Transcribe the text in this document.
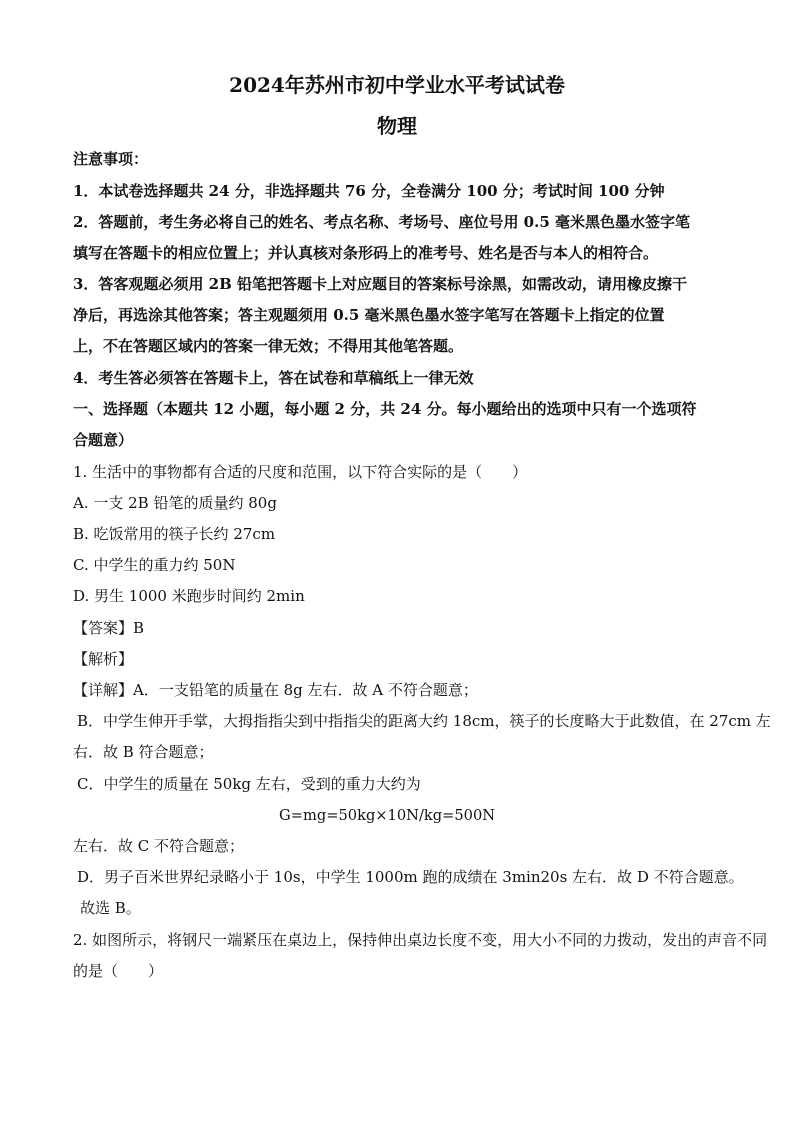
2024年苏州市初中学业水平考试试卷
物理
注意事项：
1．本试卷选择题共 24 分，非选择题共 76 分，全卷满分 100 分；考试时间 100 分钟
2．答题前，考生务必将自己的姓名、考点名称、考场号、座位号用 0.5 毫米黑色墨水签字笔
填写在答题卡的相应位置上；并认真核对条形码上的准考号、姓名是否与本人的相符合。
3．答客观题必须用 2B 铅笔把答题卡上对应题目的答案标号涂黑，如需改动，请用橡皮擦干
净后，再选涂其他答案；答主观题须用 0.5 毫米黑色墨水签字笔写在答题卡上指定的位置
上，不在答题区域内的答案一律无效；不得用其他笔答题。
4．考生答必须答在答题卡上，答在试卷和草稿纸上一律无效
一、选择题（本题共 12 小题，每小题 2 分，共 24 分。每小题给出的选项中只有一个选项符
合题意）
1. 生活中的事物都有合适的尺度和范围，以下符合实际的是（　　）
A. 一支 2B 铅笔的质量约 80g
B. 吃饭常用的筷子长约 27cm
C. 中学生的重力约 50N
D. 男生 1000 米跑步时间约 2min
【答案】B
【解析】
【详解】A．一支铅笔的质量在 8g 左右．故 A 不符合题意；
B．中学生伸开手掌，大拇指指尖到中指指尖的距离大约 18cm，筷子的长度略大于此数值，在 27cm 左
右．故 B 符合题意；
C．中学生的质量在 50kg 左右，受到的重力大约为
G=mg=50kg×10N/kg=500N
左右．故 C 不符合题意；
D．男子百米世界纪录略小于 10s，中学生 1000m 跑的成绩在 3min20s 左右．故 D 不符合题意。
故选 B。
2. 如图所示，将钢尺一端紧压在桌边上，保持伸出桌边长度不变，用大小不同的力拨动，发出的声音不同
的是（　　）
